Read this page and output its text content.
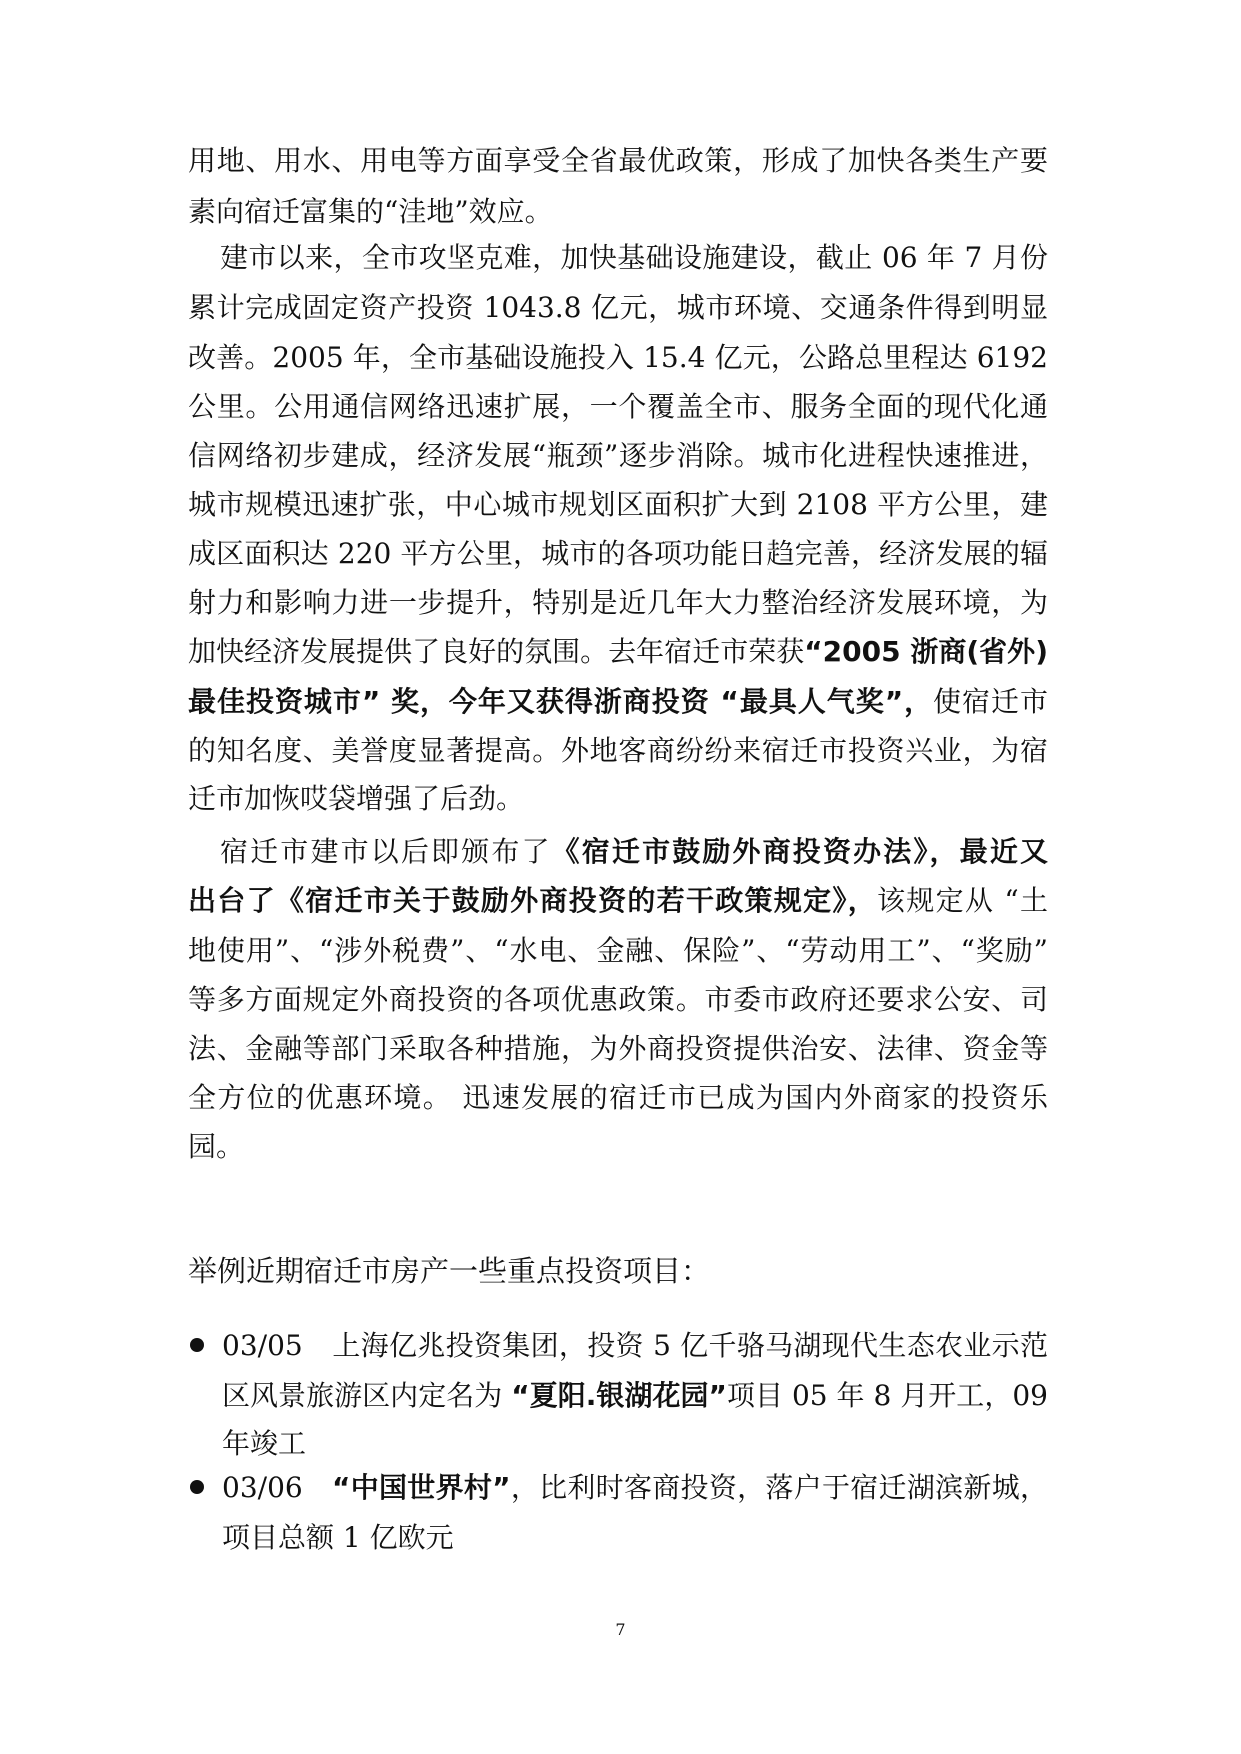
用地、用水、用电等方面享受全省最优政策，形成了加快各类生产要
素向宿迁富集的“洼地”效应。
建市以来，全市攻坚克难，加快基础设施建设，截止 06 年 7 月份
累计完成固定资产投资 1043.8 亿元，城市环境、交通条件得到明显
改善。2005 年，全市基础设施投入 15.4 亿元，公路总里程达 6192
公里。公用通信网络迅速扩展，一个覆盖全市、服务全面的现代化通
信网络初步建成，经济发展“瓶颈”逐步消除。城市化进程快速推进，
城市规模迅速扩张，中心城市规划区面积扩大到 2108 平方公里，建
成区面积达 220 平方公里，城市的各项功能日趋完善，经济发展的辐
射力和影响力进一步提升，特别是近几年大力整治经济发展环境，为
加快经济发展提供了良好的氛围。去年宿迁市荣获“2005 浙商(省外)
最佳投资城市” 奖，今年又获得浙商投资 “最具人气奖”，使宿迁市
的知名度、美誉度显著提高。外地客商纷纷来宿迁市投资兴业，为宿
迁市加恢哎袋增强了后劲。
宿迁市建市以后即颁布了《宿迁市鼓励外商投资办法》，最近又
出台了《宿迁市关于鼓励外商投资的若干政策规定》，该规定从 “土
地使用”、“涉外税费”、“水电、金融、保险”、“劳动用工”、“奖励”
等多方面规定外商投资的各项优惠政策。市委市政府还要求公安、司
法、金融等部门采取各种措施，为外商投资提供治安、法律、资金等
全方位的优惠环境。 迅速发展的宿迁市已成为国内外商家的投资乐
园。
举例近期宿迁市房产一些重点投资项目：
03/05 上海亿兆投资集团，投资 5 亿千骆马湖现代生态农业示范
区风景旅游区内定名为 “夏阳.银湖花园”项目 05 年 8 月开工，09
年竣工
03/06 “中国世界村”，比利时客商投资，落户于宿迁湖滨新城，
项目总额 1 亿欧元
7
